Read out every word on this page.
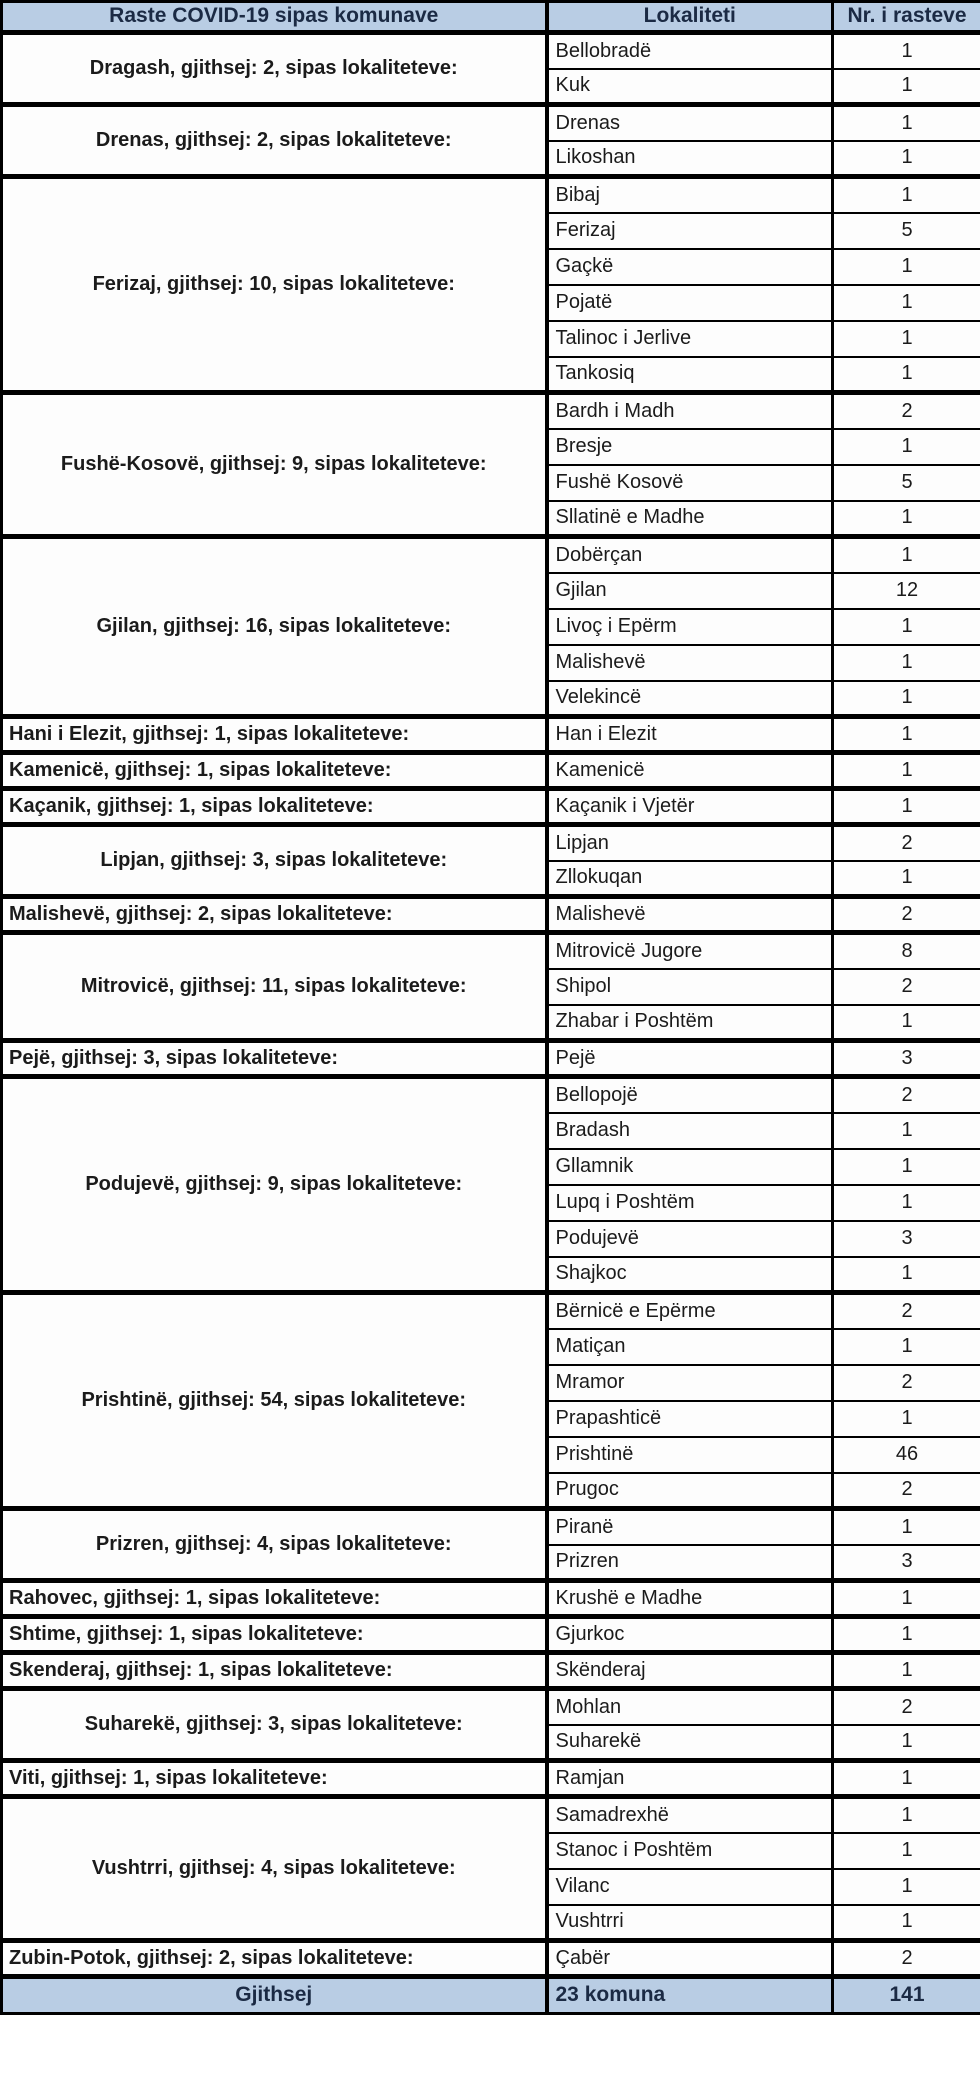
Raste COVID-19 sipas komunave	Lokaliteti	Nr. i rasteve
Dragash, gjithsej: 2, sipas lokaliteteve:	Bellobradë	1
	Kuk	1
Drenas, gjithsej: 2, sipas lokaliteteve:	Drenas	1
	Likoshan	1
Ferizaj, gjithsej: 10, sipas lokaliteteve:	Bibaj	1
	Ferizaj	5
	Gaçkë	1
	Pojatë	1
	Talinoc i Jerlive	1
	Tankosiq	1
Fushë-Kosovë, gjithsej: 9, sipas lokaliteteve:	Bardh i Madh	2
	Bresje	1
	Fushë Kosovë	5
	Sllatinë e Madhe	1
Gjilan, gjithsej: 16, sipas lokaliteteve:	Dobërçan	1
	Gjilan	12
	Livoç i Epërm	1
	Malishevë	1
	Velekincë	1
Hani i Elezit, gjithsej: 1, sipas lokaliteteve:	Han i Elezit	1
Kamenicë, gjithsej: 1, sipas lokaliteteve:	Kamenicë	1
Kaçanik, gjithsej: 1, sipas lokaliteteve:	Kaçanik i Vjetër	1
Lipjan, gjithsej: 3, sipas lokaliteteve:	Lipjan	2
	Zllokuqan	1
Malishevë, gjithsej: 2, sipas lokaliteteve:	Malishevë	2
Mitrovicë, gjithsej: 11, sipas lokaliteteve:	Mitrovicë Jugore	8
	Shipol	2
	Zhabar i Poshtëm	1
Pejë, gjithsej: 3, sipas lokaliteteve:	Pejë	3
Podujevë, gjithsej: 9, sipas lokaliteteve:	Bellopojë	2
	Bradash	1
	Gllamnik	1
	Lupq i Poshtëm	1
	Podujevë	3
	Shajkoc	1
Prishtinë, gjithsej: 54, sipas lokaliteteve:	Bërnicë e Epërme	2
	Matiçan	1
	Mramor	2
	Prapashticë	1
	Prishtinë	46
	Prugoc	2
Prizren, gjithsej: 4, sipas lokaliteteve:	Piranë	1
	Prizren	3
Rahovec, gjithsej: 1, sipas lokaliteteve:	Krushë e Madhe	1
Shtime, gjithsej: 1, sipas lokaliteteve:	Gjurkoc	1
Skenderaj, gjithsej: 1, sipas lokaliteteve:	Skënderaj	1
Suharekë, gjithsej: 3, sipas lokaliteteve:	Mohlan	2
	Suharekë	1
Viti, gjithsej: 1, sipas lokaliteteve:	Ramjan	1
Vushtrri, gjithsej: 4, sipas lokaliteteve:	Samadrexhë	1
	Stanoc i Poshtëm	1
	Vilanc	1
	Vushtrri	1
Zubin-Potok, gjithsej: 2, sipas lokaliteteve:	Çabër	2
Gjithsej	23 komuna	141
